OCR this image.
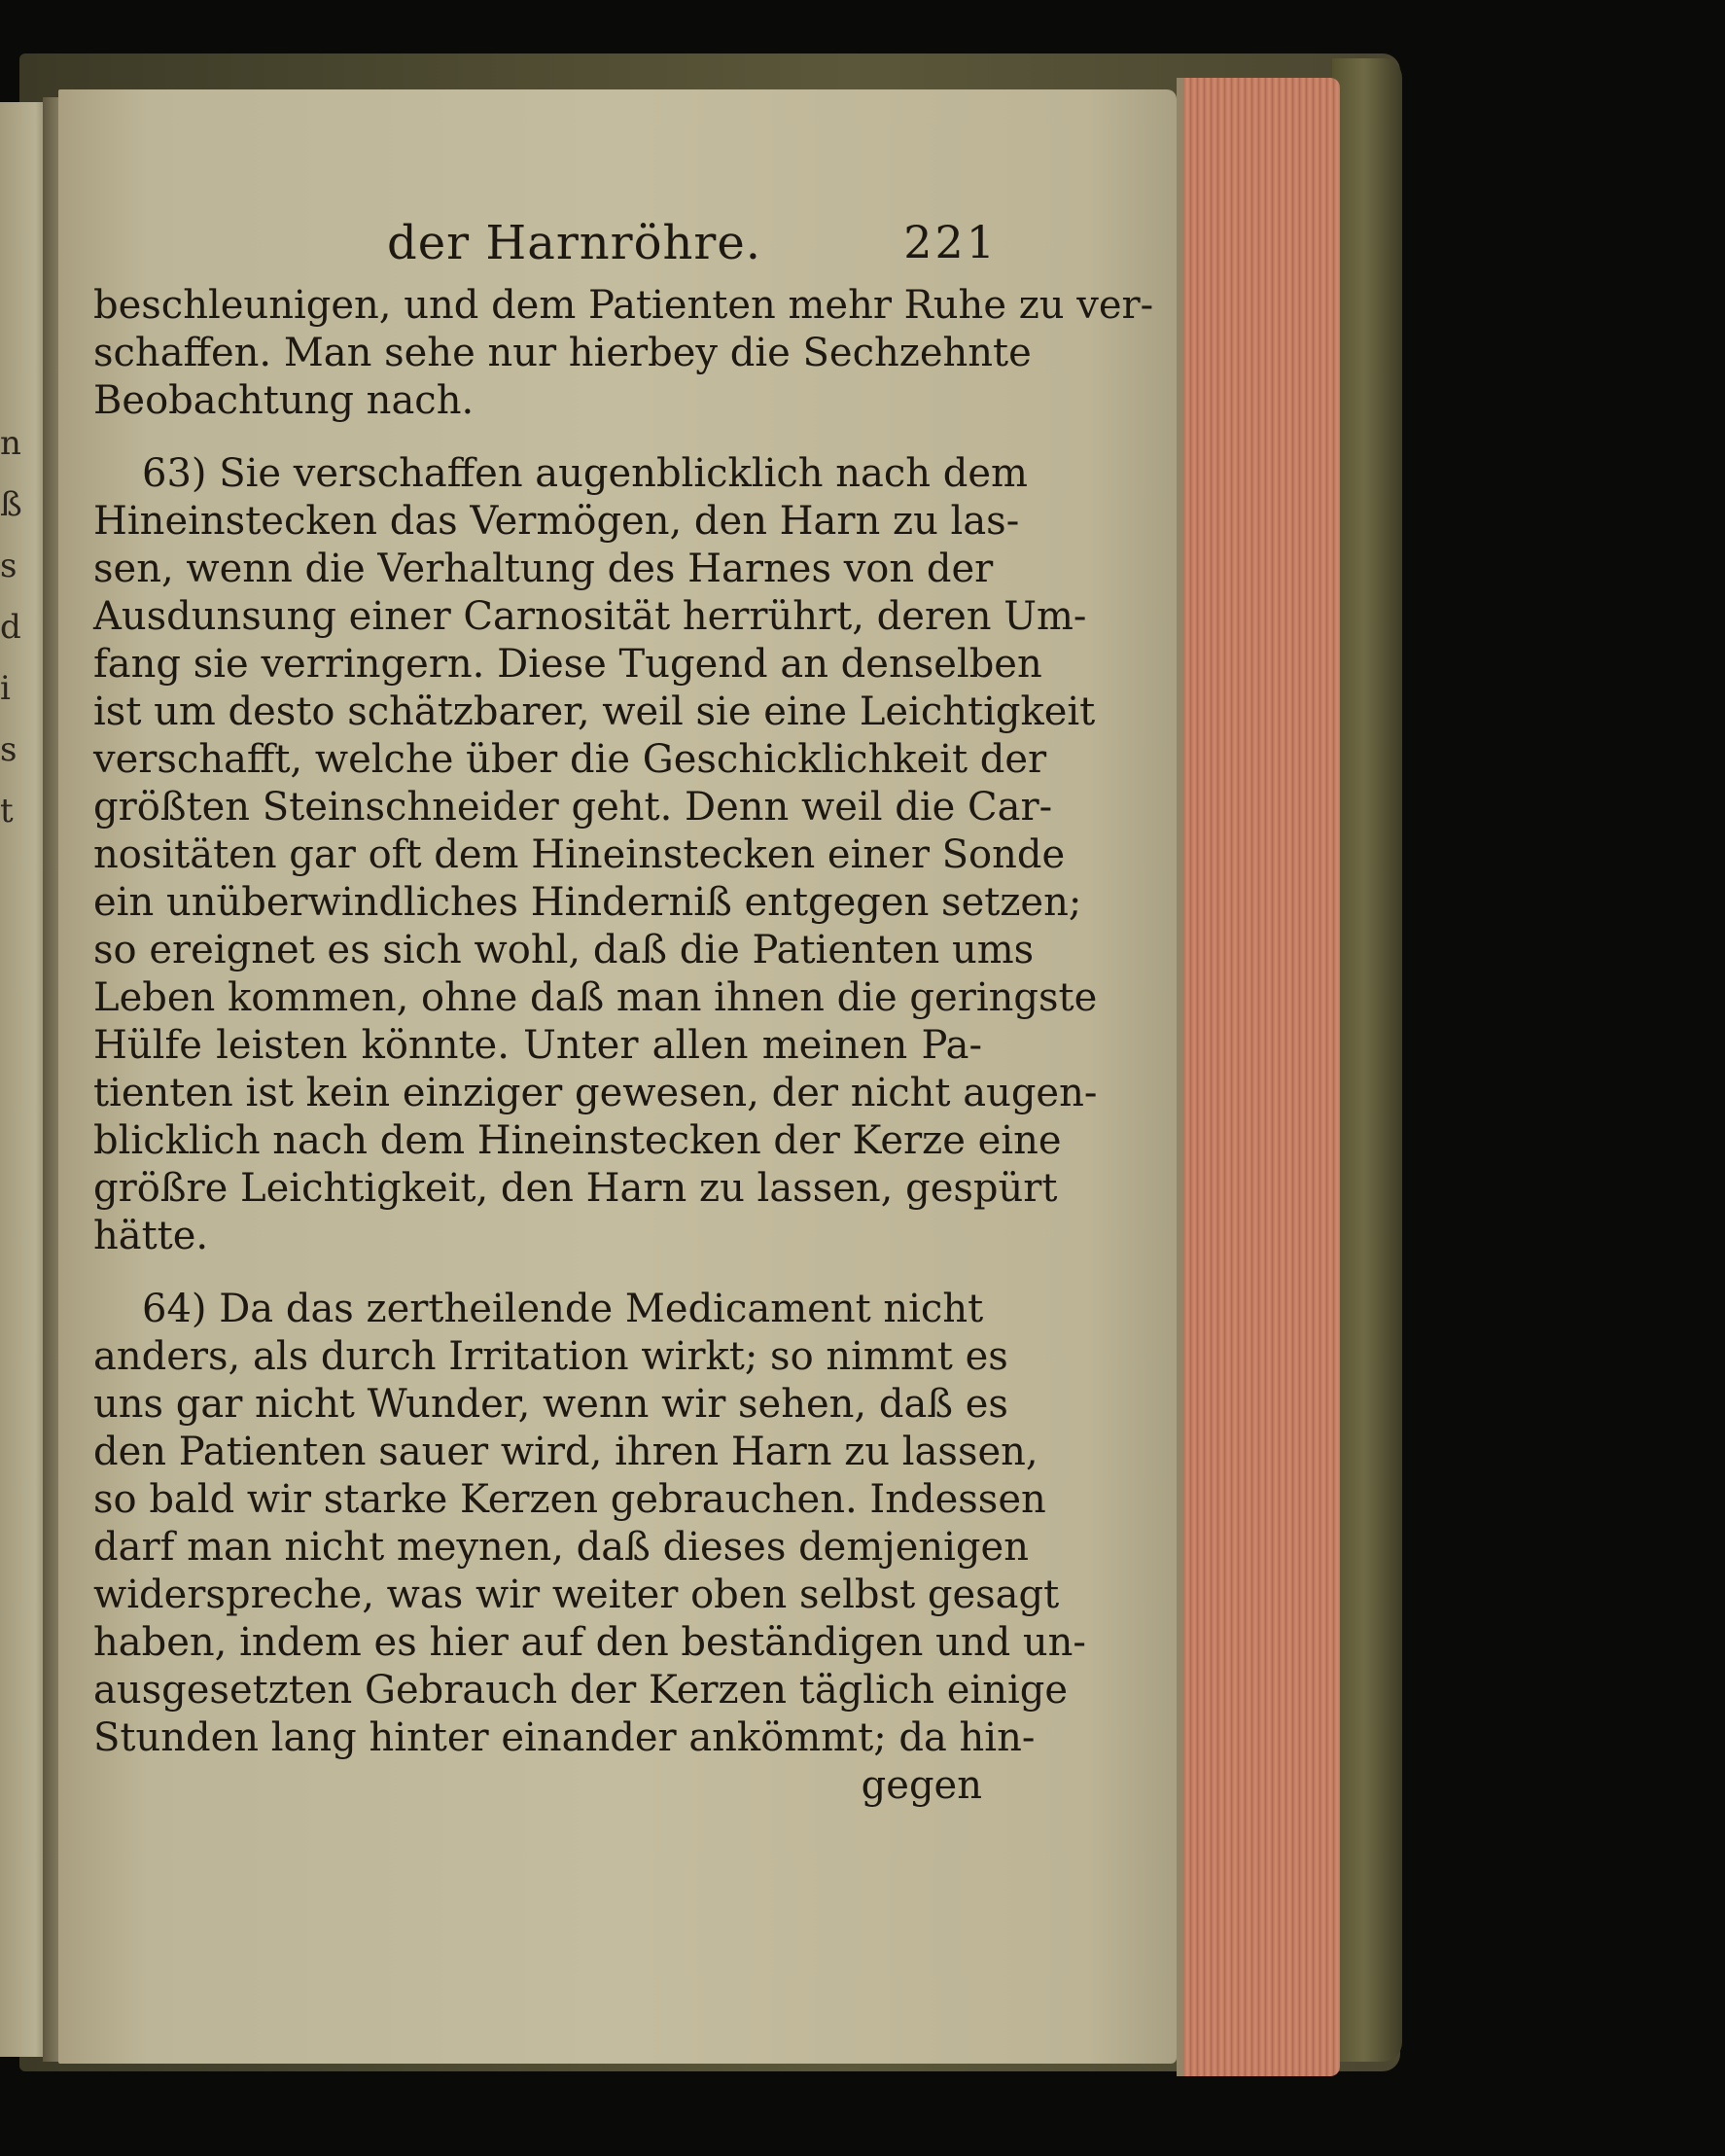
n
ß
s
d
i
s
t
der Harnröhre.	221
beschleunigen, und dem Patienten mehr Ruhe zu ver-
schaffen. Man sehe nur hierbey die Sechzehnte
Beobachtung nach.
63) Sie verschaffen augenblicklich nach dem
Hineinstecken das Vermögen, den Harn zu las-
sen, wenn die Verhaltung des Harnes von der
Ausdunsung einer Carnosität herrührt, deren Um-
fang sie verringern. Diese Tugend an denselben
ist um desto schätzbarer, weil sie eine Leichtigkeit
verschafft, welche über die Geschicklichkeit der
größten Steinschneider geht. Denn weil die Car-
nositäten gar oft dem Hineinstecken einer Sonde
ein unüberwindliches Hinderniß entgegen setzen;
so ereignet es sich wohl, daß die Patienten ums
Leben kommen, ohne daß man ihnen die geringste
Hülfe leisten könnte. Unter allen meinen Pa-
tienten ist kein einziger gewesen, der nicht augen-
blicklich nach dem Hineinstecken der Kerze eine
größre Leichtigkeit, den Harn zu lassen, gespürt
hätte.
64) Da das zertheilende Medicament nicht
anders, als durch Irritation wirkt; so nimmt es
uns gar nicht Wunder, wenn wir sehen, daß es
den Patienten sauer wird, ihren Harn zu lassen,
so bald wir starke Kerzen gebrauchen. Indessen
darf man nicht meynen, daß dieses demjenigen
widerspreche, was wir weiter oben selbst gesagt
haben, indem es hier auf den beständigen und un-
ausgesetzten Gebrauch der Kerzen täglich einige
Stunden lang hinter einander ankömmt; da hin-
gegen
